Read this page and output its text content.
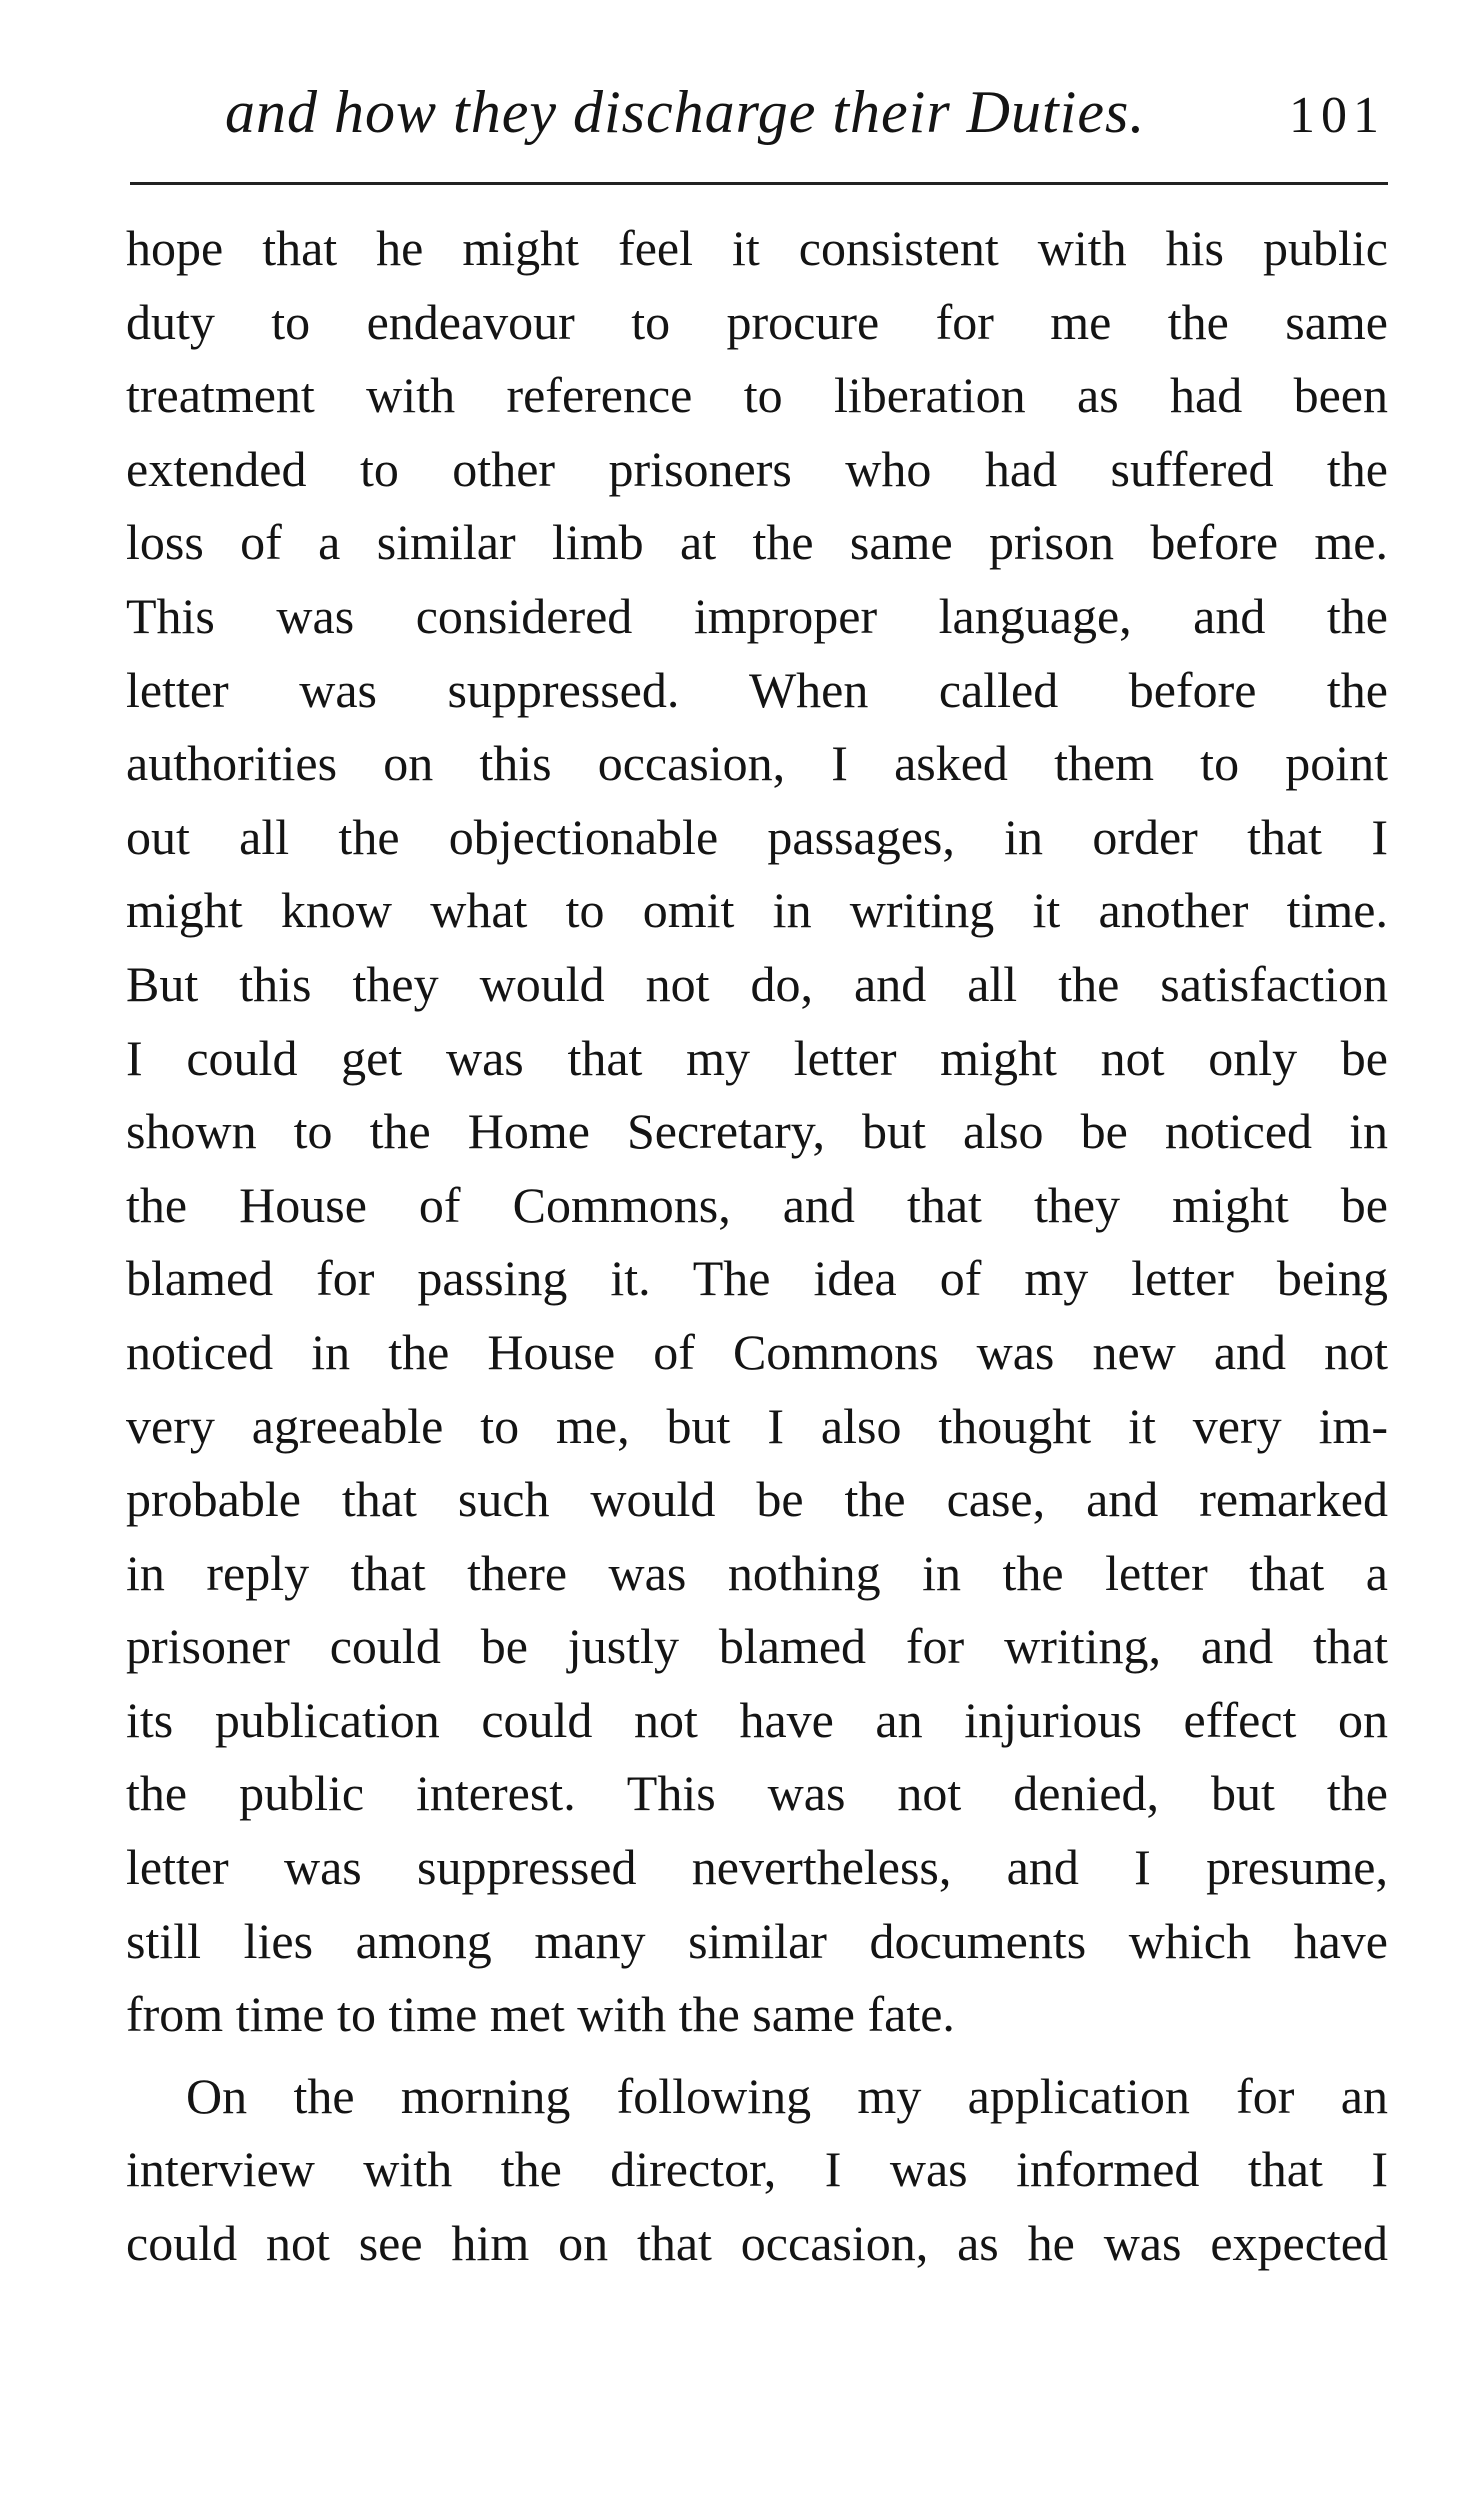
and how they discharge their Duties.	101
hope that he might feel it consistent with his public
duty to endeavour to procure for me the same
treatment with reference to liberation as had been
extended to other prisoners who had suffered the
loss of a similar limb at the same prison before me.
This was considered improper language, and the
letter was suppressed. When called before the
authorities on this occasion, I asked them to point
out all the objectionable passages, in order that I
might know what to omit in writing it another time.
But this they would not do, and all the satisfaction
I could get was that my letter might not only be
shown to the Home Secretary, but also be noticed in
the House of Commons, and that they might be
blamed for passing it. The idea of my letter being
noticed in the House of Commons was new and not
very agreeable to me, but I also thought it very im-
probable that such would be the case, and remarked
in reply that there was nothing in the letter that a
prisoner could be justly blamed for writing, and that
its publication could not have an injurious effect on
the public interest. This was not denied, but the
letter was suppressed nevertheless, and I presume,
still lies among many similar documents which have
from time to time met with the same fate.
On the morning following my application for an
interview with the director, I was informed that I
could not see him on that occasion, as he was expected
